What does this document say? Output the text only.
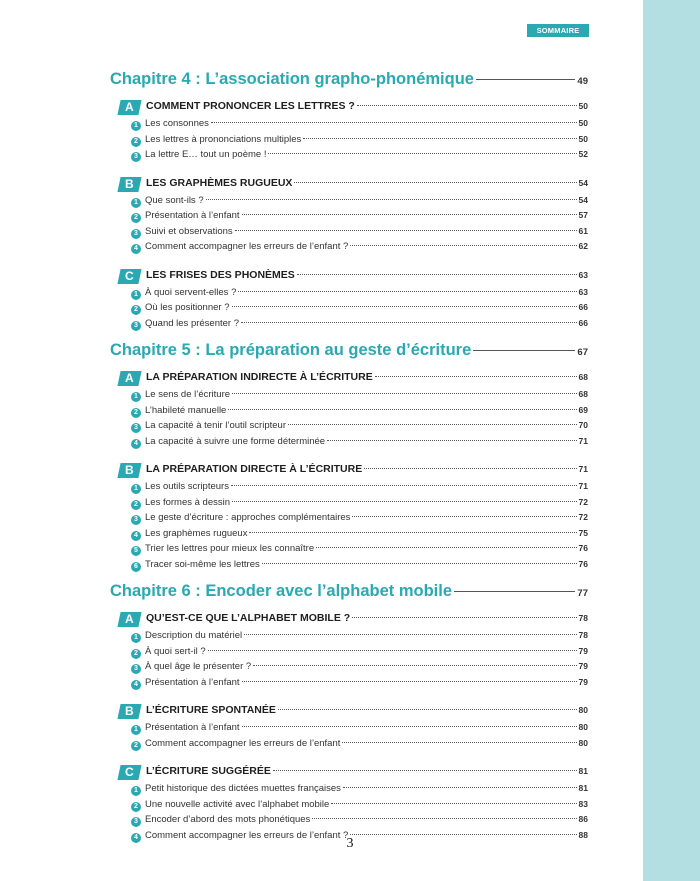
SOMMAIRE
Chapitre 4 : L’association grapho-phonémique	49
A	COMMENT PRONONCER LES LETTRES ?	50
1 Les consonnes	50
2 Les lettres à prononciations multiples	50
3 La lettre E… tout un poème !	52
B	LES GRAPHÈMES RUGUEUX	54
1 Que sont-ils ?	54
2 Présentation à l’enfant	57
3 Suivi et observations	61
4 Comment accompagner les erreurs de l’enfant ?	62
C	LES FRISES DES PHONÈMES	63
1 À quoi servent-elles ?	63
2 Où les positionner ?	66
3 Quand les présenter ?	66
Chapitre 5 : La préparation au geste d’écriture	67
A	LA PRÉPARATION INDIRECTE À L’ÉCRITURE	68
1 Le sens de l’écriture	68
2 L’habileté manuelle	69
3 La capacité à tenir l’outil scripteur	70
4 La capacité à suivre une forme déterminée	71
B	LA PRÉPARATION DIRECTE À L’ÉCRITURE	71
1 Les outils scripteurs	71
2 Les formes à dessin	72
3 Le geste d’écriture : approches complémentaires	72
4 Les graphèmes rugueux	75
5 Trier les lettres pour mieux les connaître	76
6 Tracer soi-même les lettres	76
Chapitre 6 : Encoder avec l’alphabet mobile	77
A	QU’EST-CE QUE L’ALPHABET MOBILE ?	78
1 Description du matériel	78
2 À quoi sert-il ?	79
3 À quel âge le présenter ?	79
4 Présentation à l’enfant	79
B	L’ÉCRITURE SPONTANÉE	80
1 Présentation à l’enfant	80
2 Comment accompagner les erreurs de l’enfant	80
C	L’ÉCRITURE SUGGÉRÉE	81
1 Petit historique des dictées muettes françaises	81
2 Une nouvelle activité avec l’alphabet mobile	83
3 Encoder d’abord des mots phonétiques	86
4 Comment accompagner les erreurs de l’enfant ?	88
3
